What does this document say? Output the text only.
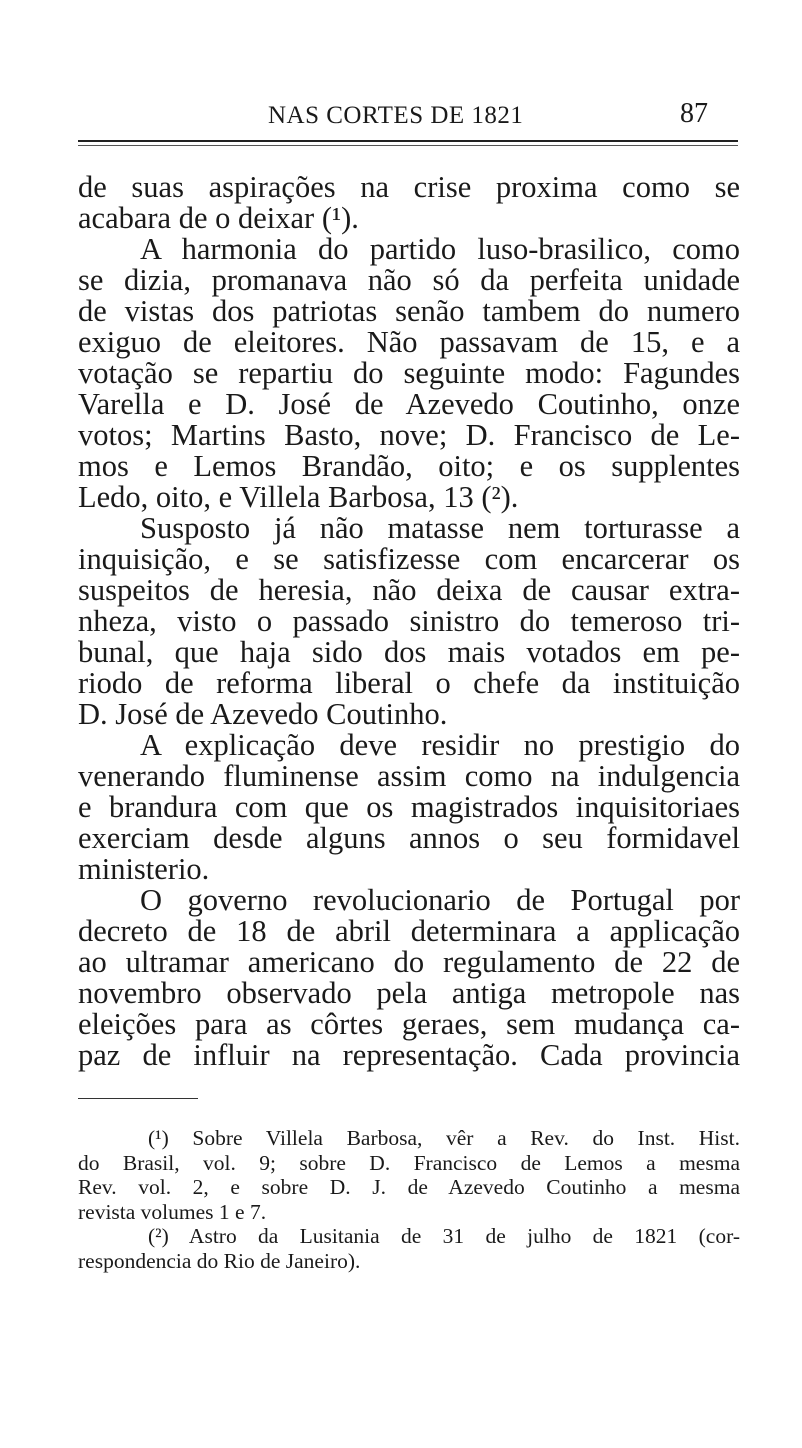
NAS CORTES DE 1821	87
de suas aspirações na crise proxima como se
acabara de o deixar (¹).
A harmonia do partido luso-brasilico, como
se dizia, promanava não só da perfeita unidade
de vistas dos patriotas senão tambem do numero
exiguo de eleitores. Não passavam de 15, e a
votação se repartiu do seguinte modo: Fagundes
Varella e D. José de Azevedo Coutinho, onze
votos; Martins Basto, nove; D. Francisco de Le-
mos e Lemos Brandão, oito; e os supplentes
Ledo, oito, e Villela Barbosa, 13 (²).
Susposto já não matasse nem torturasse a
inquisição, e se satisfizesse com encarcerar os
suspeitos de heresia, não deixa de causar extra-
nheza, visto o passado sinistro do temeroso tri-
bunal, que haja sido dos mais votados em pe-
riodo de reforma liberal o chefe da instituição
D. José de Azevedo Coutinho.
A explicação deve residir no prestigio do
venerando fluminense assim como na indulgencia
e brandura com que os magistrados inquisitoriaes
exerciam desde alguns annos o seu formidavel
ministerio.
O governo revolucionario de Portugal por
decreto de 18 de abril determinara a applicação
ao ultramar americano do regulamento de 22 de
novembro observado pela antiga metropole nas
eleições para as côrtes geraes, sem mudança ca-
paz de influir na representação. Cada provincia
(¹) Sobre Villela Barbosa, vêr a Rev. do Inst. Hist.
do Brasil, vol. 9; sobre D. Francisco de Lemos a mesma
Rev. vol. 2, e sobre D. J. de Azevedo Coutinho a mesma
revista volumes 1 e 7.
(²) Astro da Lusitania de 31 de julho de 1821 (cor-
respondencia do Rio de Janeiro).
